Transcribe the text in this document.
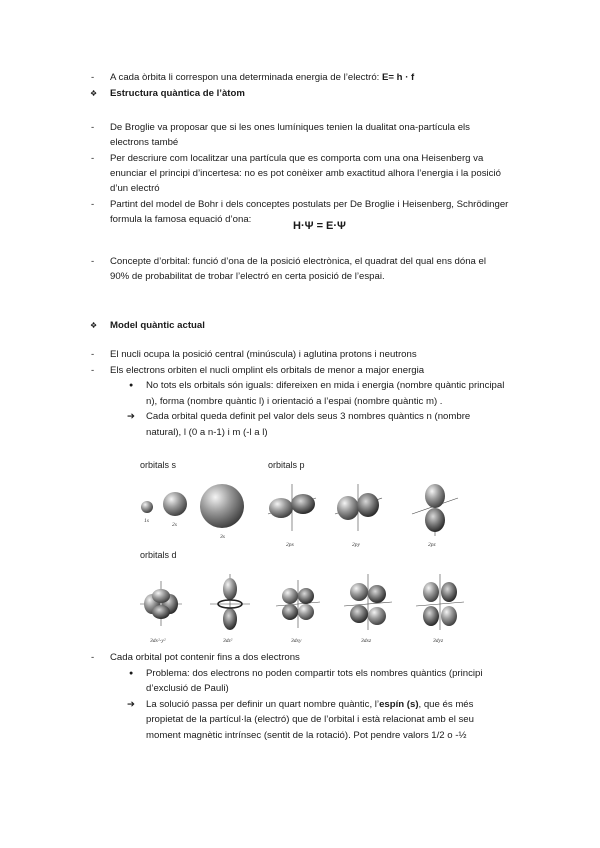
- A cada òrbita li correspon una determinada energia de l’electró: E= h · f
❖ Estructura quàntica de l’àtom
- De Broglie va proposar que si les ones lumíniques tenien la dualitat ona-partícula els
electrons també
- Per descriure com localitzar una partícula que es comporta com una ona Heisenberg va
enunciar el principi d’incertesa: no es pot conèixer amb exactitud alhora l’energia i la posició
d’un electró
- Partint del model de Bohr i dels conceptes postulats per De Broglie i Heisenberg, Schrödinger
formula la famosa equació d’ona:
H·Ψ = E·Ψ
- Concepte d’orbital: funció d’ona de la posició electrònica, el quadrat del qual ens dóna el
90% de probabilitat de trobar l’electró en certa posició de l’espai.
❖ Model quàntic actual
- El nucli ocupa la posició central (minúscula) i aglutina protons i neutrons
- Els electrons orbiten el nucli omplint els orbitals de menor a major energia
● No tots els orbitals són iguals: difereixen en mida i energia (nombre quàntic principal
n), forma (nombre quàntic l) i orientació a l’espai (nombre quàntic m) .
➔ Cada orbital queda definit pel valor dels seus 3 nombres quàntics n (nombre
natural), l (0 a n-1) i m (-l a l)
orbitals s	orbitals p
orbitals d
1s
2s
3s
2px	2py	2pz
3dx²-y²	3dz²	3dxy	3dxz	3dyz
- Cada orbital pot contenir fins a dos electrons
● Problema: dos electrons no poden compartir tots els nombres quàntics (principi
d’exclusió de Pauli)
➔ La solució passa per definir un quart nombre quàntic, l’espín (s), que és més
propietat de la partícul·la (electró) que de l’orbital i està relacionat amb el seu
moment magnètic intrínsec (sentit de la rotació). Pot pendre valors 1/2 o -½
